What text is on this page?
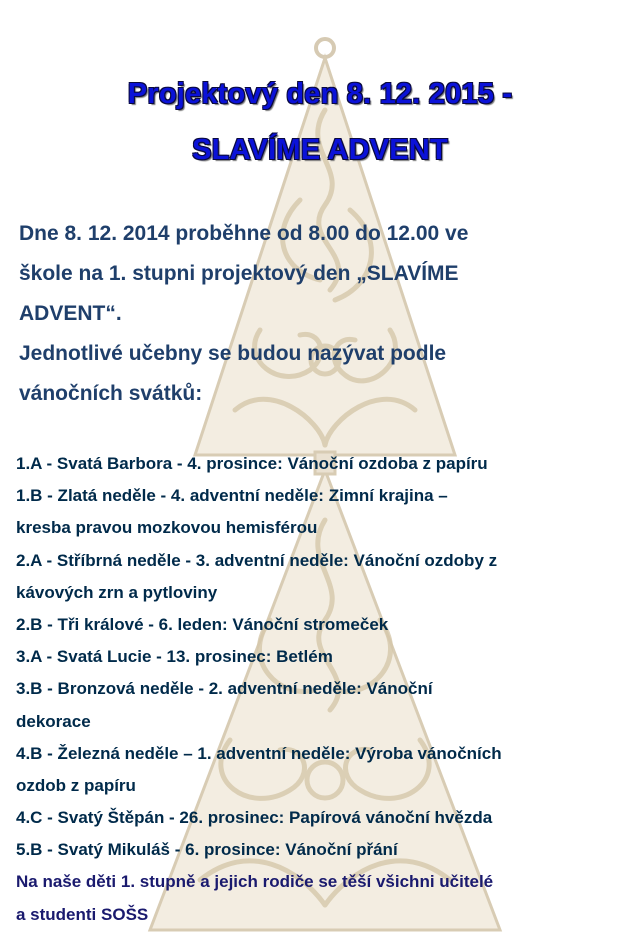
Projektový den 8. 12. 2015 -
SLAVÍME ADVENT
Dne 8. 12. 2014 proběhne od 8.00 do 12.00 ve
škole na 1. stupni projektový den „SLAVÍME
ADVENT“.
Jednotlivé učebny se budou nazývat podle
vánočních svátků:
1.A - Svatá Barbora - 4. prosince: Vánoční ozdoba z papíru
1.B - Zlatá neděle - 4. adventní neděle: Zimní krajina –
kresba pravou mozkovou hemisférou
2.A - Stříbrná neděle - 3. adventní neděle: Vánoční ozdoby z
kávových zrn a pytloviny
2.B - Tři králové - 6. leden: Vánoční stromeček
3.A - Svatá Lucie - 13. prosinec: Betlém
3.B - Bronzová neděle - 2. adventní neděle: Vánoční
dekorace
4.B - Železná neděle – 1. adventní neděle: Výroba vánočních
ozdob z papíru
4.C - Svatý Štěpán - 26. prosinec: Papírová vánoční hvězda
5.B - Svatý Mikuláš - 6. prosince: Vánoční přání
Na naše děti 1. stupně a jejich rodiče se těší všichni učitelé
a studenti SOŠS
